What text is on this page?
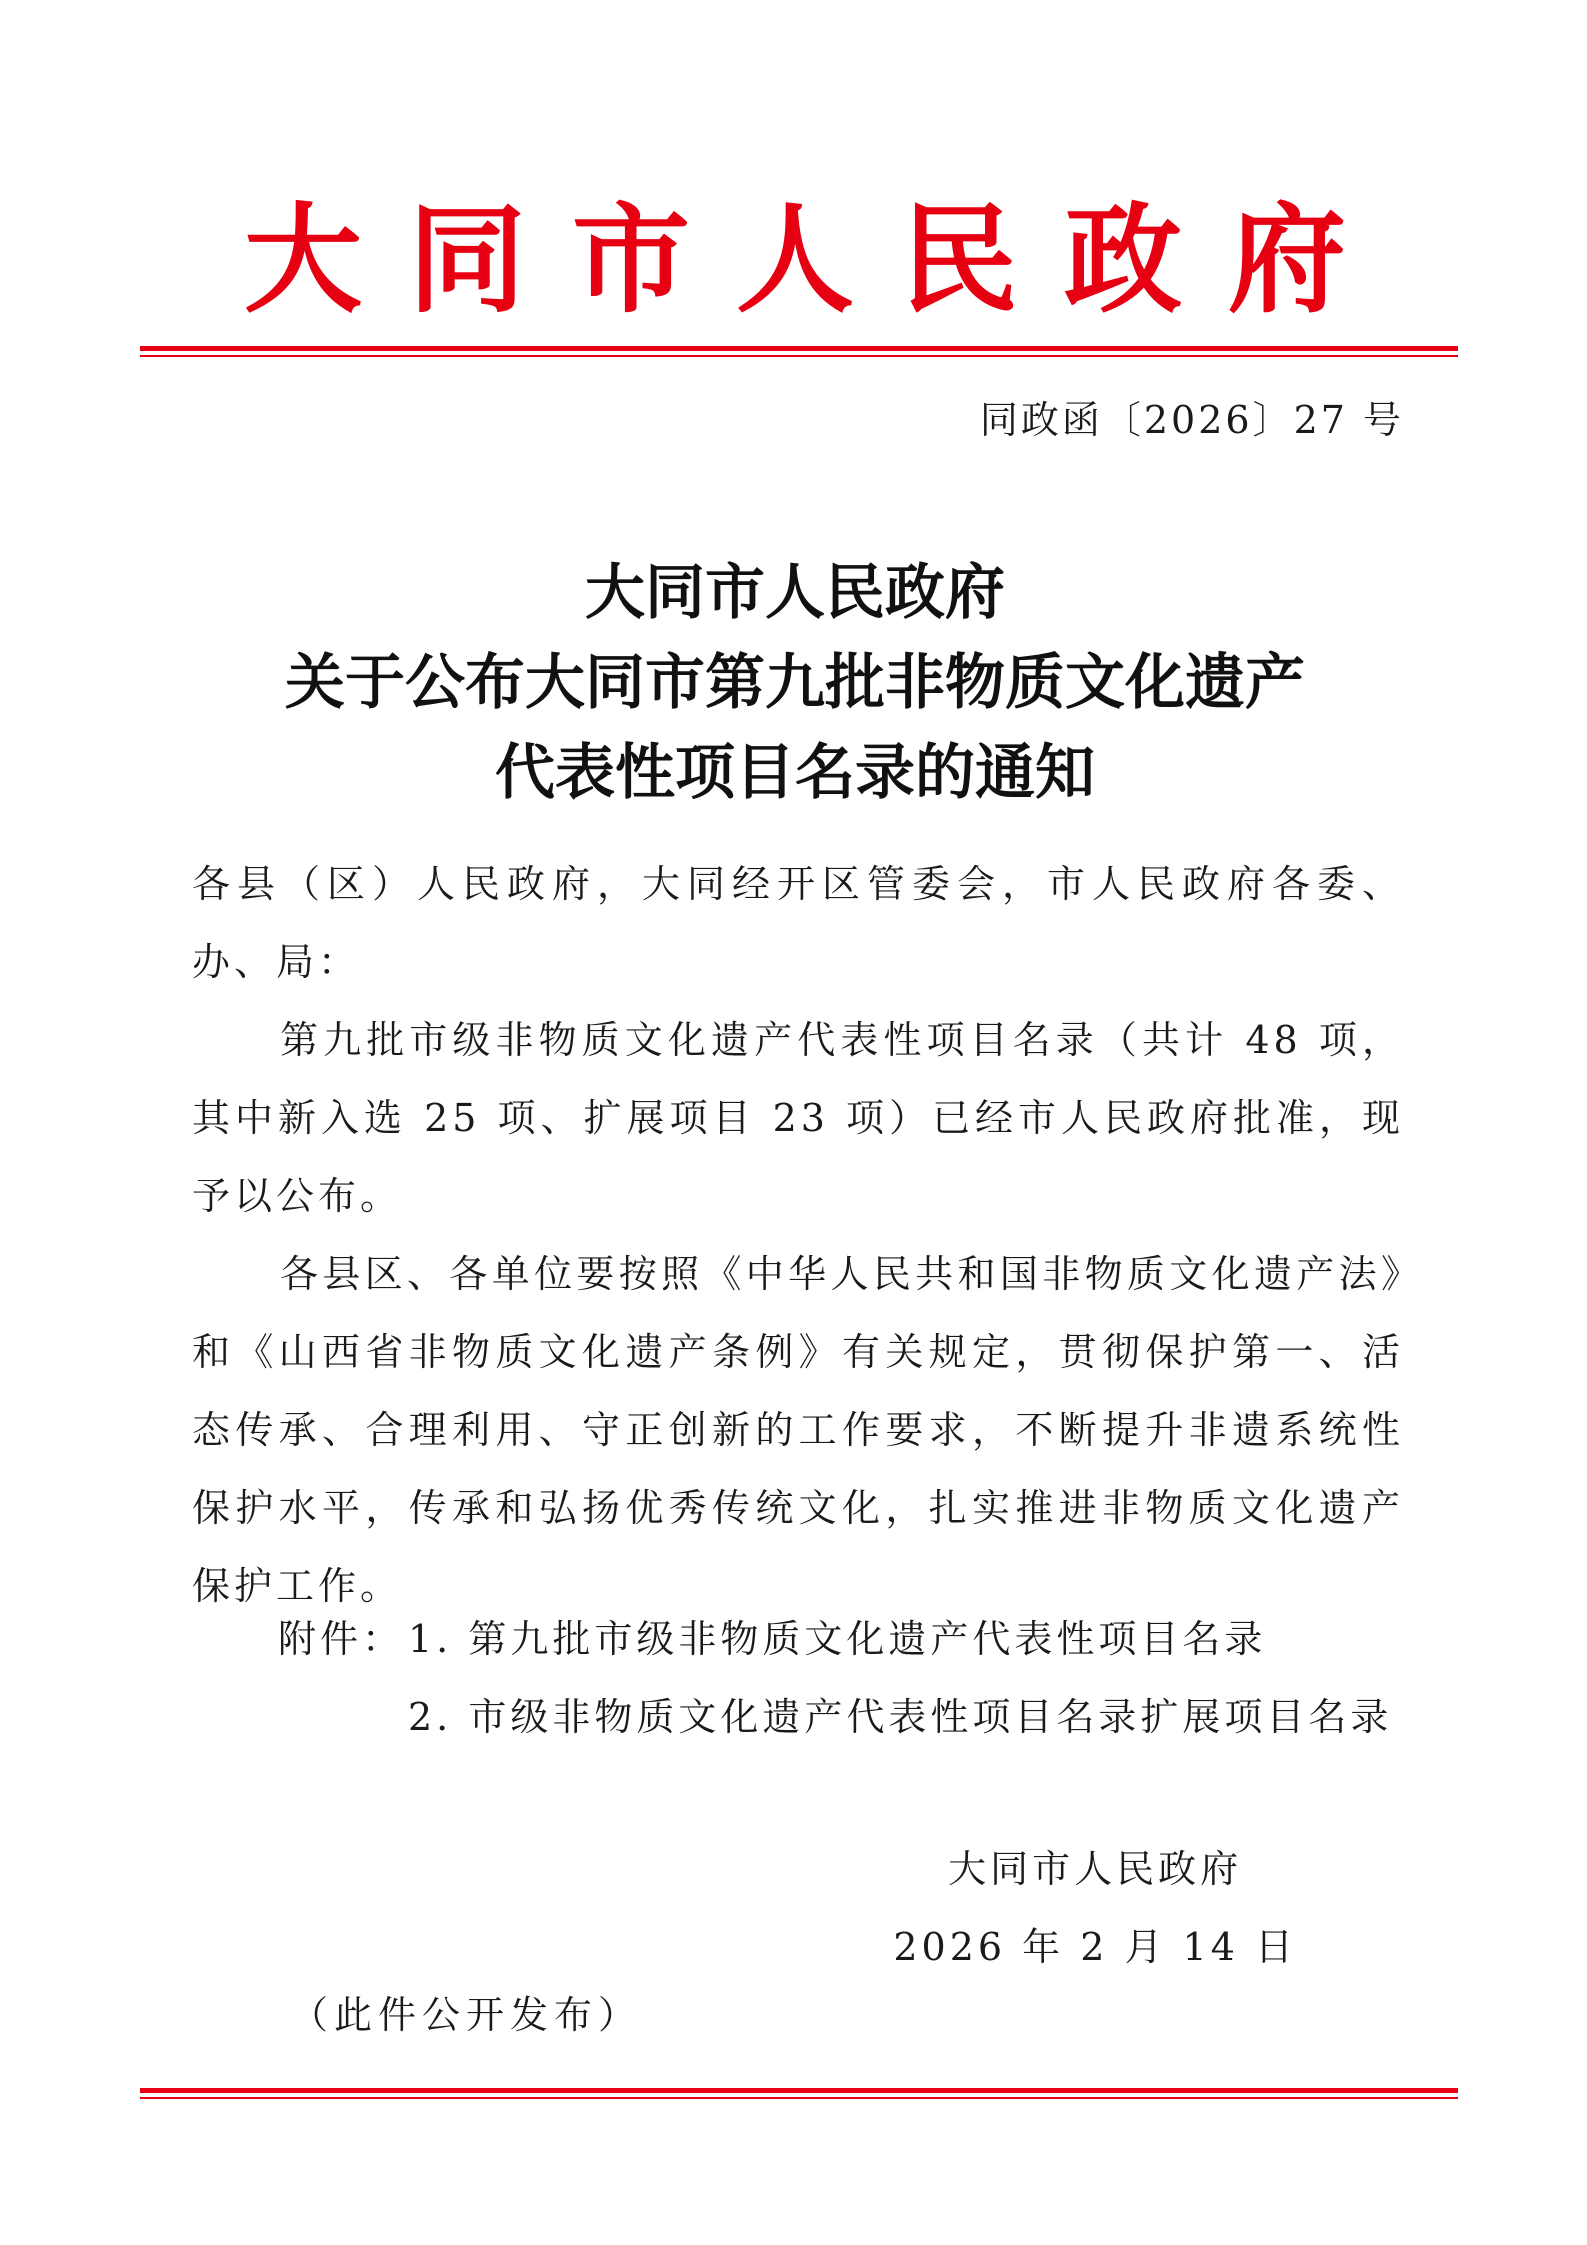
大同市人民政府
同政函〔2026〕27 号
大同市人民政府
关于公布大同市第九批非物质文化遗产
代表性项目名录的通知

各县（区）人民政府，大同经开区管委会，市人民政府各委、办、局：

第九批市级非物质文化遗产代表性项目名录（共计 48 项，其中新入选 25 项、扩展项目 23 项）已经市人民政府批准，现予以公布。

各县区、各单位要按照《中华人民共和国非物质文化遗产法》和《山西省非物质文化遗产条例》有关规定，贯彻保护第一、活态传承、合理利用、守正创新的工作要求，不断提升非遗系统性保护水平，传承和弘扬优秀传统文化，扎实推进非物质文化遗产保护工作。

附件： 1. 第九批市级非物质文化遗产代表性项目名录
2. 市级非物质文化遗产代表性项目名录扩展项目名录
大同市人民政府
2026 年 2 月 14 日
（此件公开发布）
